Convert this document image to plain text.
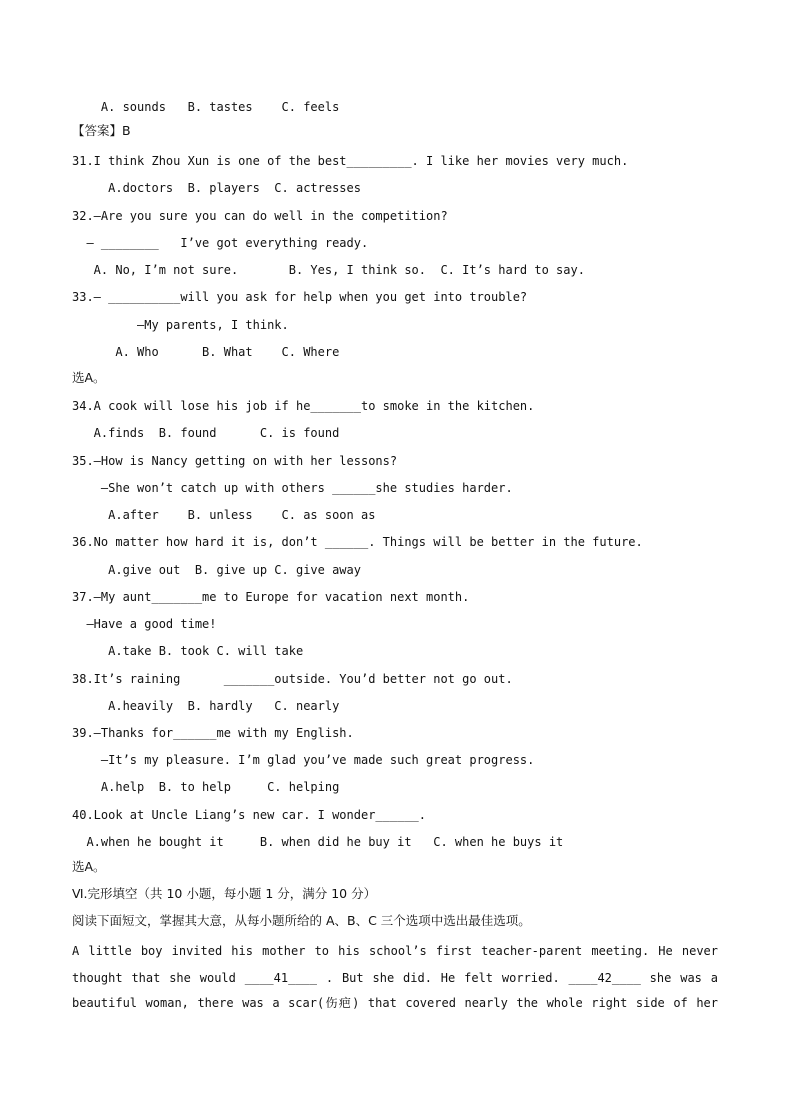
A. sounds   B. tastes    C. feels
【答案】B
31.I think Zhou Xun is one of the best_________. I like her movies very much.
A.doctors  B. players  C. actresses
32.—Are you sure you can do well in the competition?
— ________   I’ve got everything ready.
A. No, I’m not sure.       B. Yes, I think so.  C. It’s hard to say.
33.— __________will you ask for help when you get into trouble?
—My parents, I think.
A. Who      B. What    C. Where
选A。
34.A cook will lose his job if he_______to smoke in the kitchen.
A.finds  B. found      C. is found
35.—How is Nancy getting on with her lessons?
—She won’t catch up with others ______she studies harder.
A.after    B. unless    C. as soon as
36.No matter how hard it is, don’t ______. Things will be better in the future.
A.give out  B. give up C. give away
37.—My aunt_______me to Europe for vacation next month.
—Have a good time!
A.take B. took C. will take
38.It’s raining      _______outside. You’d better not go out.
A.heavily  B. hardly   C. nearly
39.—Thanks for______me with my English.
—It’s my pleasure. I’m glad you’ve made such great progress.
A.help  B. to help     C. helping
40.Look at Uncle Liang’s new car. I wonder______.
A.when he bought it     B. when did he buy it   C. when he buys it
选A。
Ⅵ.完形填空（共 10 小题，每小题 1 分，满分 10 分）
阅读下面短文，掌握其大意，从每小题所给的 A、B、C 三个选项中选出最佳选项。
A little boy invited his mother to his school’s first teacher-parent meeting. He never
thought that she would ____41____ . But she did. He felt worried. ____42____ she was a
beautiful woman, there was a scar(伤疤) that covered nearly the whole right side of her
